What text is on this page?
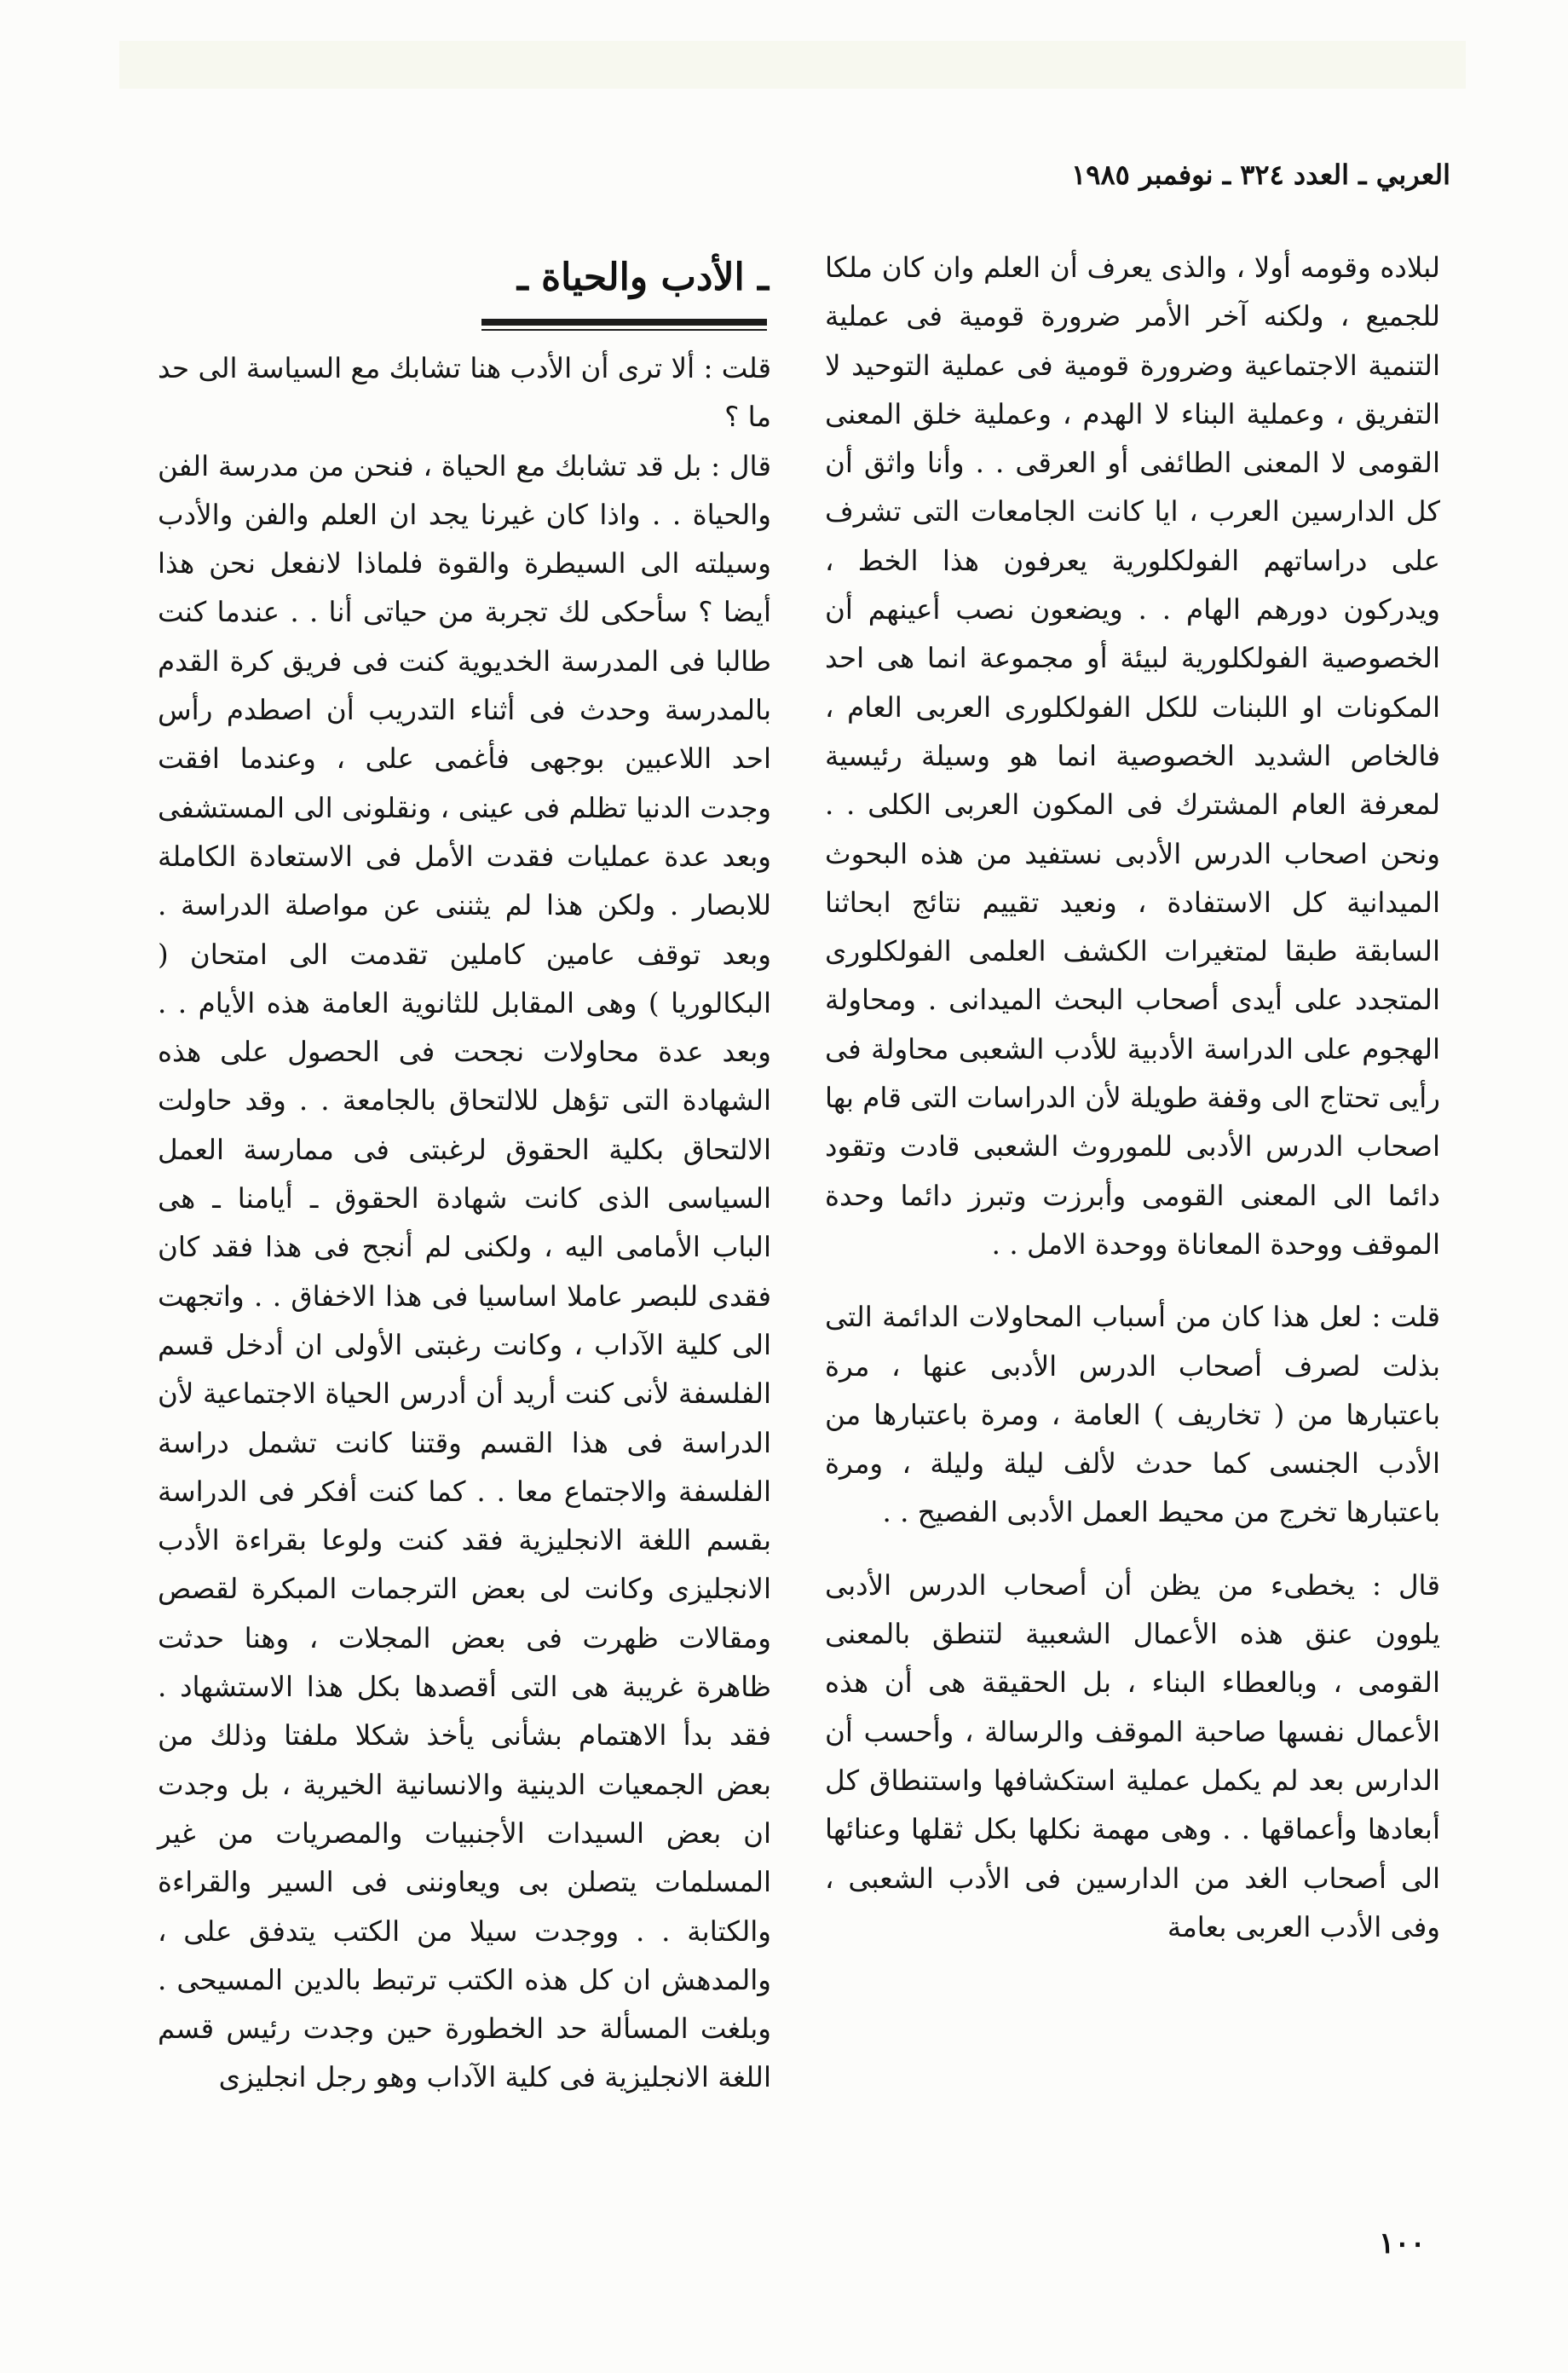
العربي ـ العدد ٣٢٤ ـ نوفمبر ١٩٨٥

لبلاده وقومه أولا ، والذى يعرف أن العلم وان كان ملكا للجميع ، ولكنه آخر الأمر ضرورة قومية فى عملية التنمية الاجتماعية وضرورة قومية فى عملية التوحيد لا التفريق ، وعملية البناء لا الهدم ، وعملية خلق المعنى القومى لا المعنى الطائفى أو العرقى . . وأنا واثق أن كل الدارسين العرب ، ايا كانت الجامعات التى تشرف على دراساتهم الفولكلورية يعرفون هذا الخط ، ويدركون دورهم الهام . . ويضعون نصب أعينهم أن الخصوصية الفولكلورية لبيئة أو مجموعة انما هى احد المكونات او اللبنات للكل الفولكلورى العربى العام ، فالخاص الشديد الخصوصية انما هو وسيلة رئيسية لمعرفة العام المشترك فى المكون العربى الكلى . . ونحن اصحاب الدرس الأدبى نستفيد من هذه البحوث الميدانية كل الاستفادة ، ونعيد تقييم نتائج ابحاثنا السابقة طبقا لمتغيرات الكشف العلمى الفولكلورى المتجدد على أيدى أصحاب البحث الميدانى . ومحاولة الهجوم على الدراسة الأدبية للأدب الشعبى محاولة فى رأيى تحتاج الى وقفة طويلة لأن الدراسات التى قام بها اصحاب الدرس الأدبى للموروث الشعبى قادت وتقود دائما الى المعنى القومى وأبرزت وتبرز دائما وحدة الموقف ووحدة المعاناة ووحدة الامل . .

قلت : لعل هذا كان من أسباب المحاولات الدائمة التى بذلت لصرف أصحاب الدرس الأدبى عنها ، مرة باعتبارها من ( تخاريف ) العامة ، ومرة باعتبارها من الأدب الجنسى كما حدث لألف ليلة وليلة ، ومرة باعتبارها تخرج من محيط العمل الأدبى الفصيح . .

قال : يخطىء من يظن أن أصحاب الدرس الأدبى يلوون عنق هذه الأعمال الشعبية لتنطق بالمعنى القومى ، وبالعطاء البناء ، بل الحقيقة هى أن هذه الأعمال نفسها صاحبة الموقف والرسالة ، وأحسب أن الدارس بعد لم يكمل عملية استكشافها واستنطاق كل أبعادها وأعماقها . . وهى مهمة نكلها بكل ثقلها وعنائها الى أصحاب الغد من الدارسين فى الأدب الشعبى ، وفى الأدب العربى بعامة

ـ الأدب والحياة ـ

قلت : ألا ترى أن الأدب هنا تشابك مع السياسة الى حد ما ؟

قال : بل قد تشابك مع الحياة ، فنحن من مدرسة الفن والحياة . . واذا كان غيرنا يجد ان العلم والفن والأدب وسيلته الى السيطرة والقوة فلماذا لانفعل نحن هذا أيضا ؟ سأحكى لك تجربة من حياتى أنا . . عندما كنت طالبا فى المدرسة الخديوية كنت فى فريق كرة القدم بالمدرسة وحدث فى أثناء التدريب أن اصطدم رأس احد اللاعبين بوجهى فأغمى على ، وعندما افقت وجدت الدنيا تظلم فى عينى ، ونقلونى الى المستشفى وبعد عدة عمليات فقدت الأمل فى الاستعادة الكاملة للابصار . ولكن هذا لم يثننى عن مواصلة الدراسة . وبعد توقف عامين كاملين تقدمت الى امتحان ( البكالوريا ) وهى المقابل للثانوية العامة هذه الأيام . . وبعد عدة محاولات نجحت فى الحصول على هذه الشهادة التى تؤهل للالتحاق بالجامعة . . وقد حاولت الالتحاق بكلية الحقوق لرغبتى فى ممارسة العمل السياسى الذى كانت شهادة الحقوق ـ أيامنا ـ هى الباب الأمامى اليه ، ولكنى لم أنجح فى هذا فقد كان فقدى للبصر عاملا اساسيا فى هذا الاخفاق . . واتجهت الى كلية الآداب ، وكانت رغبتى الأولى ان أدخل قسم الفلسفة لأنى كنت أريد أن أدرس الحياة الاجتماعية لأن الدراسة فى هذا القسم وقتنا كانت تشمل دراسة الفلسفة والاجتماع معا . . كما كنت أفكر فى الدراسة بقسم اللغة الانجليزية فقد كنت ولوعا بقراءة الأدب الانجليزى وكانت لى بعض الترجمات المبكرة لقصص ومقالات ظهرت فى بعض المجلات ، وهنا حدثت ظاهرة غريبة هى التى أقصدها بكل هذا الاستشهاد . فقد بدأ الاهتمام بشأنى يأخذ شكلا ملفتا وذلك من بعض الجمعيات الدينية والانسانية الخيرية ، بل وجدت ان بعض السيدات الأجنبيات والمصريات من غير المسلمات يتصلن بى ويعاوننى فى السير والقراءة والكتابة . . ووجدت سيلا من الكتب يتدفق على ، والمدهش ان كل هذه الكتب ترتبط بالدين المسيحى . وبلغت المسألة حد الخطورة حين وجدت رئيس قسم اللغة الانجليزية فى كلية الآداب وهو رجل انجليزى

١٠٠
